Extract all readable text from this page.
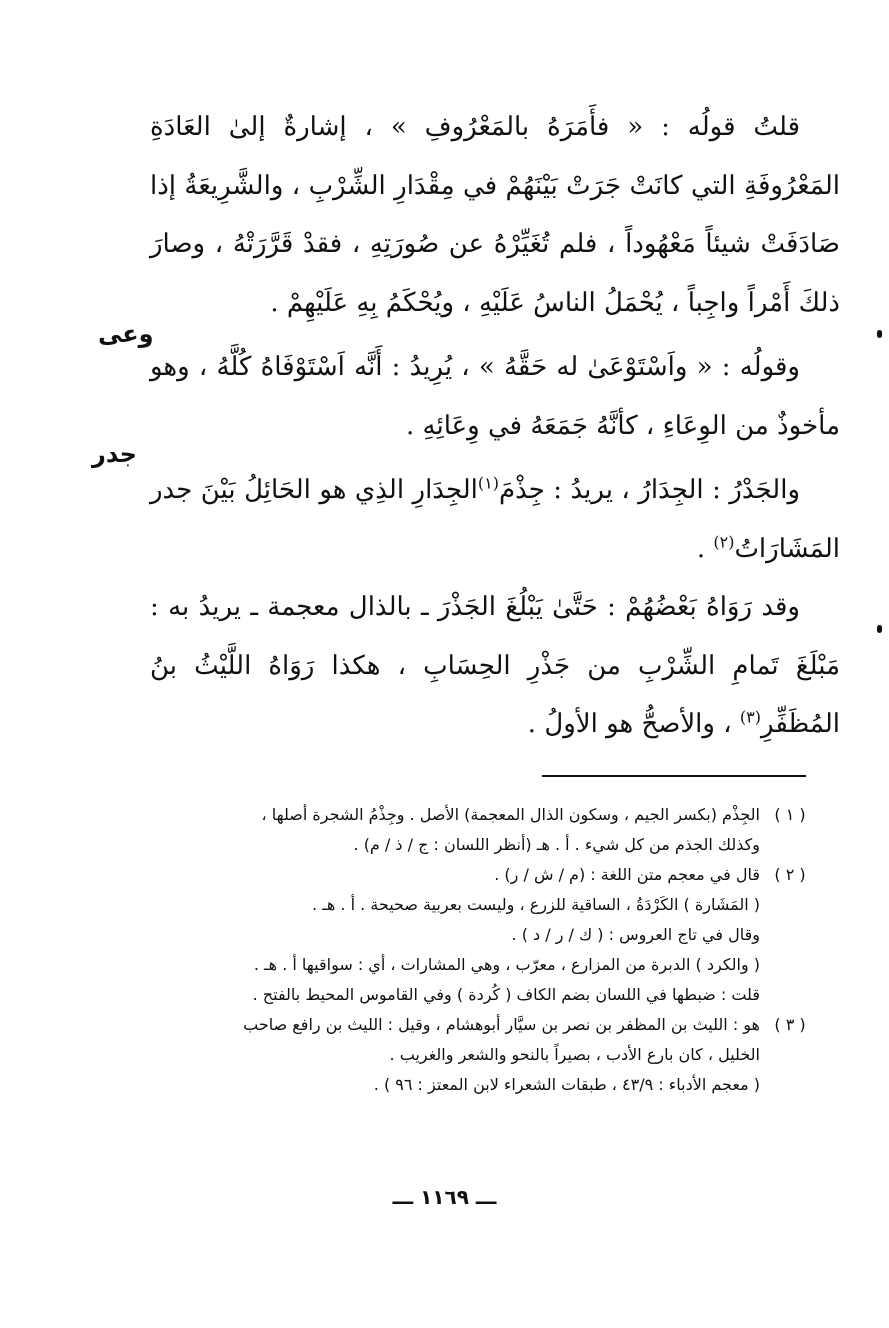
قلتُ قولُه : « فأَمَرَهُ بالمَعْرُوفِ » ، إشارةٌ إلىٰ العَادَةِ المَعْرُوفَةِ التي كانَتْ جَرَتْ بَيْنَهُمْ في مِقْدَارِ الشِّرْبِ ، والشَّرِيعَةُ إذا صَادَفَتْ شيئاً مَعْهُوداً ، فلم تُغَيِّرْهُ عن صُورَتِهِ ، فقدْ قَرَّرَتْهُ ، وصارَ ذلكَ أَمْراً واجِباً ، يُحْمَلُ الناسُ عَلَيْهِ ، ويُحْكَمُ بِهِ عَلَيْهِمْ .

وقولُه : « واَسْتَوْعَىٰ له حَقَّهُ » ، يُرِيدُ : أَنَّه اَسْتَوْفَاهُ كُلَّهُ ، وهو مأخوذٌ من الوِعَاءِ ، كأنَّهُ جَمَعَهُ في وِعَائِهِ .

والجَدْرُ : الجِدَارُ ، يريدُ : جِذْمَ$^{(١)}$الجِدَارِ الذِي هو الحَائِلُ بَيْنَ جدر المَشَارَاتُ$^{(٢)}$ .

وقد رَوَاهُ بَعْضُهُمْ : حَتَّىٰ يَبْلُغَ الجَذْرَ ـ بالذال معجمة ـ يريدُ به : مَبْلَغَ تَمامِ الشِّرْبِ من جَذْرِ الحِسَابِ ، هكذا رَوَاهُ اللَّيْثُ بنُ المُظَفِّرِ$^{(٣)}$ ، والأصحُّ هو الأولُ .

وعى
جدر
( ١ )

الجِذْم (بكسر الجيم ، وسكون الذال المعجمة) الأصل . وجِذْمُ الشجرة أصلها ،

وكذلك الجذم من كل شيء . أ . هـ (أنظر اللسان : ج / ذ / م) .

( ٢ )

قال في معجم متن اللغة : (م / ش / ر) .

( المَشَارة ) الكَرْدَةُ ، الساقية للزرع ، وليست بعربية صحيحة . أ . هـ .

وقال في تاج العروس : ( ك / ر / د ) .

( والكرد ) الدبرة من المزارع ، معرّب ، وهي المشارات ، أي : سواقيها أ . هـ .

قلت : ضبطها في اللسان بضم الكاف ( كُردة ) وفي القاموس المحيط بالفتح .

( ٣ )

هو : الليث بن المظفر بن نصر بن سيَّار أبوهشام ، وقيل : الليث بن رافع صاحب

الخليل ، كان بارع الأدب ، بصيراً بالنحو والشعر والغريب .

( معجم الأدباء : ٤٣/٩ ، طبقات الشعراء لابن المعتز : ٩٦ ) .

ـــ ١١٦٩ ـــ
